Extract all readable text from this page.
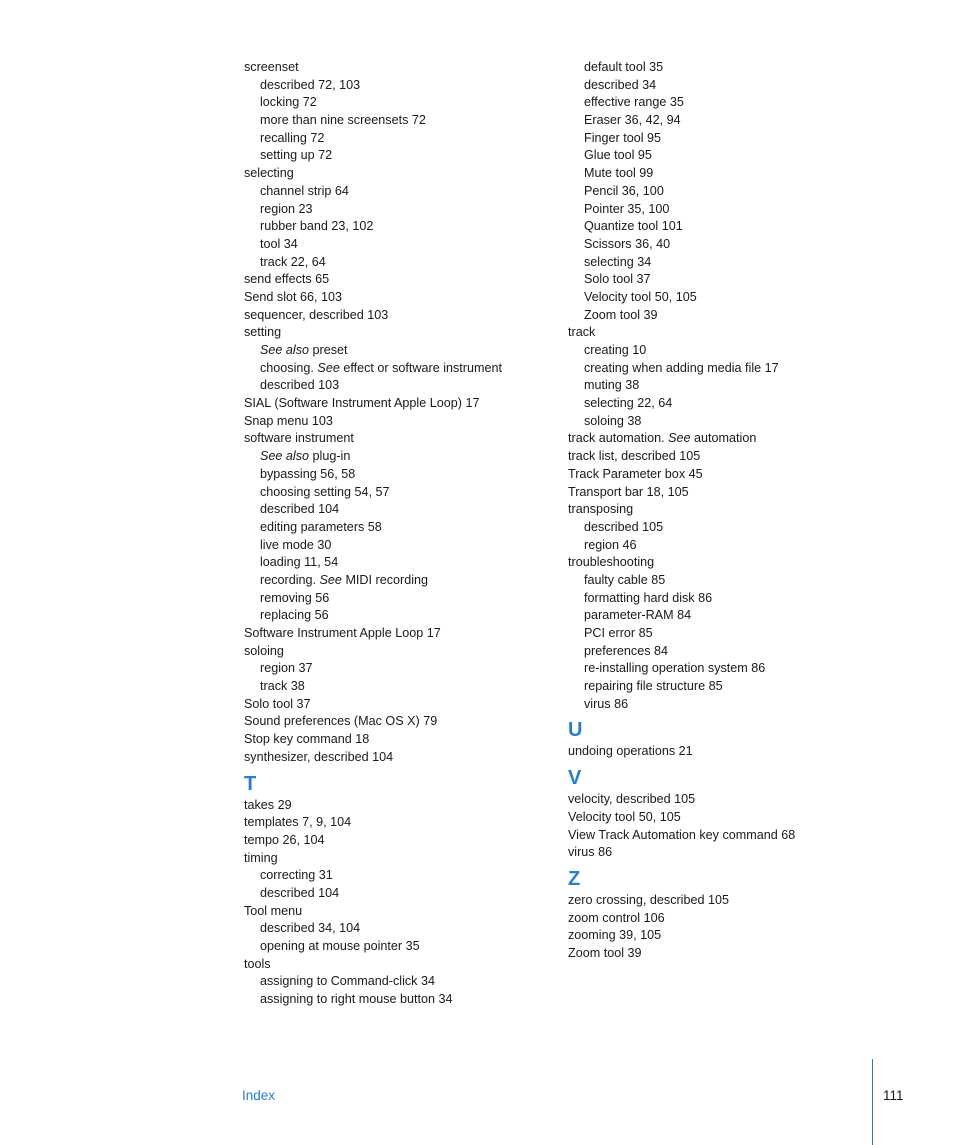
screenset
described 72, 103
locking 72
more than nine screensets 72
recalling 72
setting up 72
selecting
channel strip 64
region 23
rubber band 23, 102
tool 34
track 22, 64
send effects 65
Send slot 66, 103
sequencer, described 103
setting
See also preset
choosing. See effect or software instrument
described 103
SIAL (Software Instrument Apple Loop) 17
Snap menu 103
software instrument
See also plug-in
bypassing 56, 58
choosing setting 54, 57
described 104
editing parameters 58
live mode 30
loading 11, 54
recording. See MIDI recording
removing 56
replacing 56
Software Instrument Apple Loop 17
soloing
region 37
track 38
Solo tool 37
Sound preferences (Mac OS X) 79
Stop key command 18
synthesizer, described 104
T
takes 29
templates 7, 9, 104
tempo 26, 104
timing
correcting 31
described 104
Tool menu
described 34, 104
opening at mouse pointer 35
tools
assigning to Command-click 34
assigning to right mouse button 34
default tool 35
described 34
effective range 35
Eraser 36, 42, 94
Finger tool 95
Glue tool 95
Mute tool 99
Pencil 36, 100
Pointer 35, 100
Quantize tool 101
Scissors 36, 40
selecting 34
Solo tool 37
Velocity tool 50, 105
Zoom tool 39
track
creating 10
creating when adding media file 17
muting 38
selecting 22, 64
soloing 38
track automation. See automation
track list, described 105
Track Parameter box 45
Transport bar 18, 105
transposing
described 105
region 46
troubleshooting
faulty cable 85
formatting hard disk 86
parameter-RAM 84
PCI error 85
preferences 84
re-installing operation system 86
repairing file structure 85
virus 86
U
undoing operations 21
V
velocity, described 105
Velocity tool 50, 105
View Track Automation key command 68
virus 86
Z
zero crossing, described 105
zoom control 106
zooming 39, 105
Zoom tool 39
Index	111
